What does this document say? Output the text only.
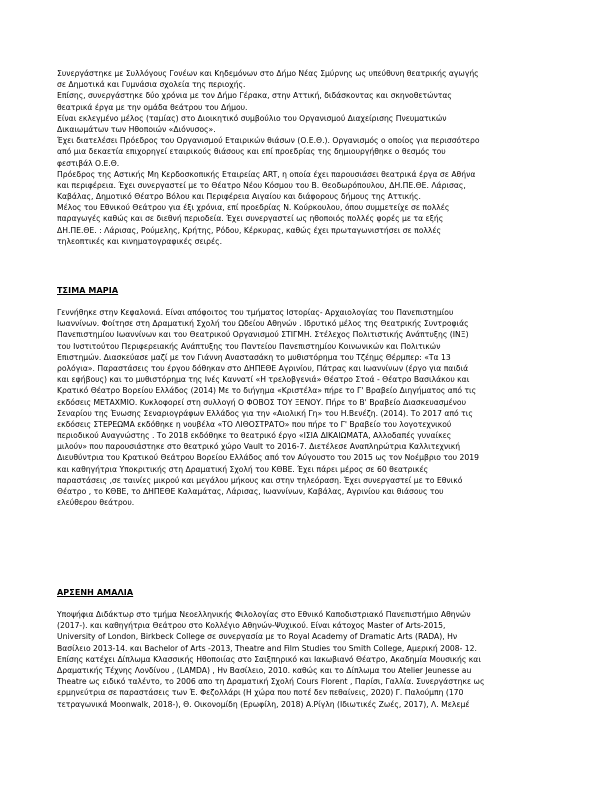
Συνεργάστηκε με Συλλόγους Γονέων και Κηδεμόνων στο Δήμο Νέας Σμύρνης ως υπεύθυνη θεατρικής αγωγής
σε Δημοτικά και Γυμνάσια σχολεία της περιοχής.
Επίσης, συνεργάστηκε δύο χρόνια με τον Δήμο Γέρακα, στην Αττική, διδάσκοντας και σκηνοθετώντας
θεατρικά έργα με την ομάδα θεάτρου του Δήμου.
Είναι εκλεγμένο μέλος (ταμίας) στο Διοικητικό συμβούλιο του Οργανισμού Διαχείρισης Πνευματικών
Δικαιωμάτων των Ηθοποιών «Διόνυσος».
Έχει διατελέσει Πρόεδρος του Οργανισμού Εταιρικών θιάσων (Ο.Ε.Θ.). Οργανισμός ο οποίος για περισσότερο
από μια δεκαετία επιχορηγεί εταιρικούς θιάσους και επί προεδρίας της δημιουργήθηκε ο θεσμός του
φεστιβάλ Ο.Ε.Θ.
Πρόεδρος της Αστικής Μη Κερδοσκοπικής Εταιρείας ART, η οποία έχει παρουσιάσει θεατρικά έργα σε Αθήνα
και περιφέρεια. Έχει συνεργαστεί με το Θέατρο Νέου Κόσμου του Β. Θεοδωρόπουλου, ΔΗ.ΠΕ.ΘΕ. Λάρισας,
Καβάλας, Δημοτικό Θέατρο Βόλου και Περιφέρεια Αιγαίου και διάφορους δήμους της Αττικής.
Μέλος του Εθνικού Θεάτρου για έξι χρόνια, επί προεδρίας Ν. Κούρκουλου, όπου συμμετείχε σε πολλές
παραγωγές καθώς και σε διεθνή περιοδεία. Έχει συνεργαστεί ως ηθοποιός πολλές φορές με τα εξής
ΔΗ.ΠΕ.ΘΕ. : Λάρισας, Ρούμελης, Κρήτης, Ρόδου, Κέρκυρας, καθώς έχει πρωταγωνιστήσει σε πολλές
τηλεοπτικές και κινηματογραφικές σειρές.
ΤΣΙΜΑ ΜΑΡΙΑ
Γεννήθηκε στην Κεφαλονιά. Είναι απόφοιτος του τμήματος Ιστορίας- Αρχαιολογίας του Πανεπιστημίου
Ιωαννίνων. Φοίτησε στη Δραματική Σχολή του Ωδείου Αθηνών . Ιδρυτικό μέλος της Θεατρικής Συντροφιάς
Πανεπιστημίου Ιωαννίνων και του Θεατρικού Οργανισμού ΣΤΙΓΜΗ. Στέλεχος Πολιτιστικής Ανάπτυξης (ΙΝΞ)
του Ινστιτούτου Περιφερειακής Ανάπτυξης του Παντείου Πανεπιστημίου Κοινωνικών και Πολιτικών
Επιστημών. Διασκεύασε μαζί με τον Γιάννη Αναστασάκη το μυθιστόρημα του Τζέημς Θέρμπερ: «Τα 13
ρολόγια». Παραστάσεις του έργου δόθηκαν στο ΔΗΠΕΘΕ Αγρινίου, Πάτρας και Ιωαννίνων (έργο για παιδιά
και εφήβους) και το μυθιστόρημα της Ινές Καννατί «Η τρελοβγενιά» Θέατρο Στοά - Θέατρο Βασιλάκου και
Κρατικό Θέατρο Βορείου Ελλάδος (2014) Με το διήγημα «Κριστέλα» πήρε το Γ' Βραβείο Διηγήματος από τις
εκδόσεις ΜΕΤΑΧΜΙΟ. Κυκλοφορεί στη συλλογή Ο ΦΟΒΟΣ ΤΟΥ ΞΕΝΟΥ. Πήρε το Β' Βραβείο Διασκευασμένου
Σεναρίου της Ένωσης Σεναριογράφων Ελλάδος για την «Αιολική Γη» του Η.Βενέζη. (2014). Το 2017 από τις
εκδόσεις ΣΤΕΡΕΩΜΑ εκδόθηκε η νουβέλα «ΤΟ ΛΙΘΟΣΤΡΑΤΟ» που πήρε το Γ' Βραβείο του λογοτεχνικού
περιοδικού Αναγνώστης . Το 2018 εκδόθηκε το θεατρικό έργο «ΙΣΙΑ ΔΙΚΑΙΩΜΑΤΑ, Αλλοδαπές γυναίκες
μιλούν» που παρουσιάστηκε στο θεατρικό χώρο Vault το 2016-7. Διετέλεσε Αναπληρώτρια Καλλιτεχνική
Διευθύντρια του Κρατικού Θεάτρου Βορείου Ελλάδος από τον Αύγουστο του 2015 ως τον Νοέμβριο του 2019
και καθηγήτρια Υποκριτικής στη Δραματική Σχολή του ΚΘΒΕ. Έχει πάρει μέρος σε 60 θεατρικές
παραστάσεις ,σε ταινίες μικρού και μεγάλου μήκους και στην τηλεόραση. Έχει συνεργαστεί με το Εθνικό
Θέατρο , το ΚΘΒΕ, το ΔΗΠΕΘΕ Καλαμάτας, Λάρισας, Ιωαννίνων, Καβάλας, Αγρινίου και θιάσους του
ελεύθερου θεάτρου.
ΑΡΣΕΝΗ ΑΜΑΛΙΑ
Υποψήφια Διδάκτωρ στο τμήμα Νεοελληνικής Φιλολογίας στο Εθνικό Καποδιστριακό Πανεπιστήμιο Αθηνών
(2017-). και καθηγήτρια Θεάτρου στο Κολλέγιο Αθηνών-Ψυχικού. Είναι κάτοχος Master of Arts-2015,
University of London, Birkbeck College σε συνεργασία με το Royal Academy of Dramatic Arts (RADA), Hν
Βασίλειο 2013-14. και Bachelor of Arts -2013, Theatre and Film Studies του Smith College, Αμερική 2008- 12.
Επίσης κατέχει Δίπλωμα Κλασσικής Ηθοποιίας στο Σαιξπηρικό και Ιακωβιανό Θέατρο, Ακαδημία Μουσικής και
Δραματικής Τέχνης Λονδίνου , (LAMDA) , Hν Βασίλειο, 2010. καθώς και το Δίπλωμα του Atelier Jeunesse au
Theatre ως ειδικό ταλέντο, το 2006 απο τη Δραματική Σχολή Cours Florent , Παρίσι, Γαλλία. Συνεργάστηκε ως
ερμηνεύτρια σε παραστάσεις των Έ. Φεζολλάρι (Η χώρα που ποτέ δεν πεθαίνεις, 2020) Γ. Παλούμπη (170
τετραγωνικά Moonwalk, 2018-), Θ. Οικονομίδη (Ερωφίλη, 2018) Α.Ρίγλη (Ιδιωτικές Ζωές, 2017), Λ. Μελεμέ
